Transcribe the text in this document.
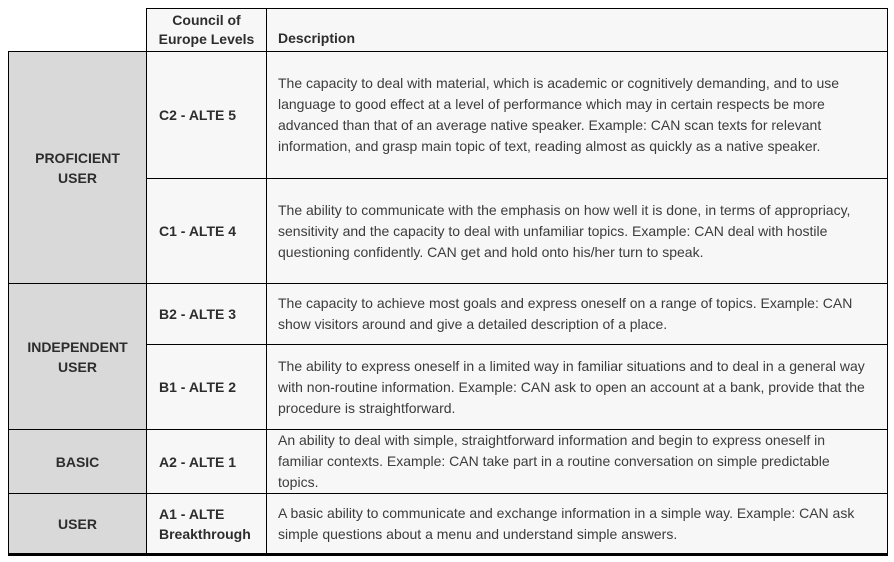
	Council of Europe Levels	Description
PROFICIENT USER	C2 - ALTE 5	The capacity to deal with material, which is academic or cognitively demanding, and to use language to good effect at a level of performance which may in certain respects be more advanced than that of an average native speaker. Example: CAN scan texts for relevant information, and grasp main topic of text, reading almost as quickly as a native speaker.
	C1 - ALTE 4	The ability to communicate with the emphasis on how well it is done, in terms of appropriacy, sensitivity and the capacity to deal with unfamiliar topics. Example: CAN deal with hostile questioning confidently. CAN get and hold onto his/her turn to speak.
INDEPENDENT USER	B2 - ALTE 3	The capacity to achieve most goals and express oneself on a range of topics. Example: CAN show visitors around and give a detailed description of a place.
	B1 - ALTE 2	The ability to express oneself in a limited way in familiar situations and to deal in a general way with non-routine information. Example: CAN ask to open an account at a bank, provide that the procedure is straightforward.
BASIC	A2 - ALTE 1	An ability to deal with simple, straightforward information and begin to express oneself in familiar contexts. Example: CAN take part in a routine conversation on simple predictable topics.
USER	A1 - ALTE Breakthrough	A basic ability to communicate and exchange information in a simple way. Example: CAN ask simple questions about a menu and understand simple answers.
